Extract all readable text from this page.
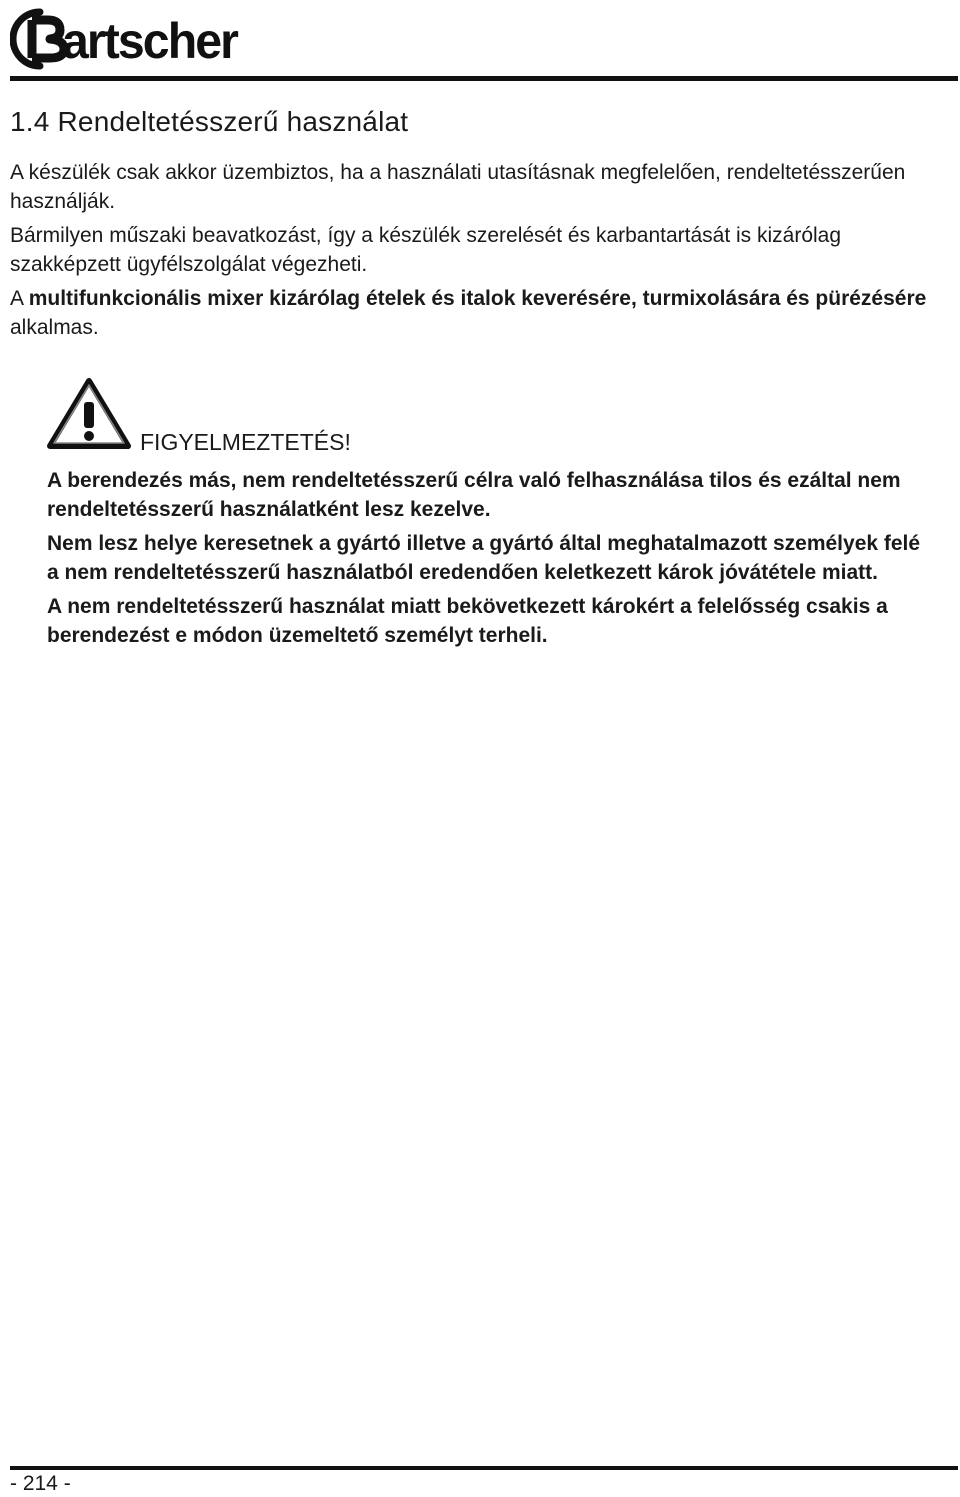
artscher
1.4 Rendeltetésszerű használat

A készülék csak akkor üzembiztos, ha a használati utasításnak megfelelően, rendeltetésszerűen használják.

Bármilyen műszaki beavatkozást, így a készülék szerelését és karbantartását is kizárólag szakképzett ügyfélszolgálat végezheti.

A multifunkcionális mixer kizárólag ételek és italok keverésére, turmixolására és pürézésére alkalmas.

FIGYELMEZTETÉS!

A berendezés más, nem rendeltetésszerű célra való felhasználása tilos és ezáltal nem rendeltetésszerű használatként lesz kezelve.

Nem lesz helye keresetnek a gyártó illetve a gyártó által meghatalmazott személyek felé a nem rendeltetésszerű használatból eredendően keletkezett károk jóvátétele miatt.

A nem rendeltetésszerű használat miatt bekövetkezett károkért a felelősség csakis a berendezést e módon üzemeltető személyt terheli.

- 214 -
